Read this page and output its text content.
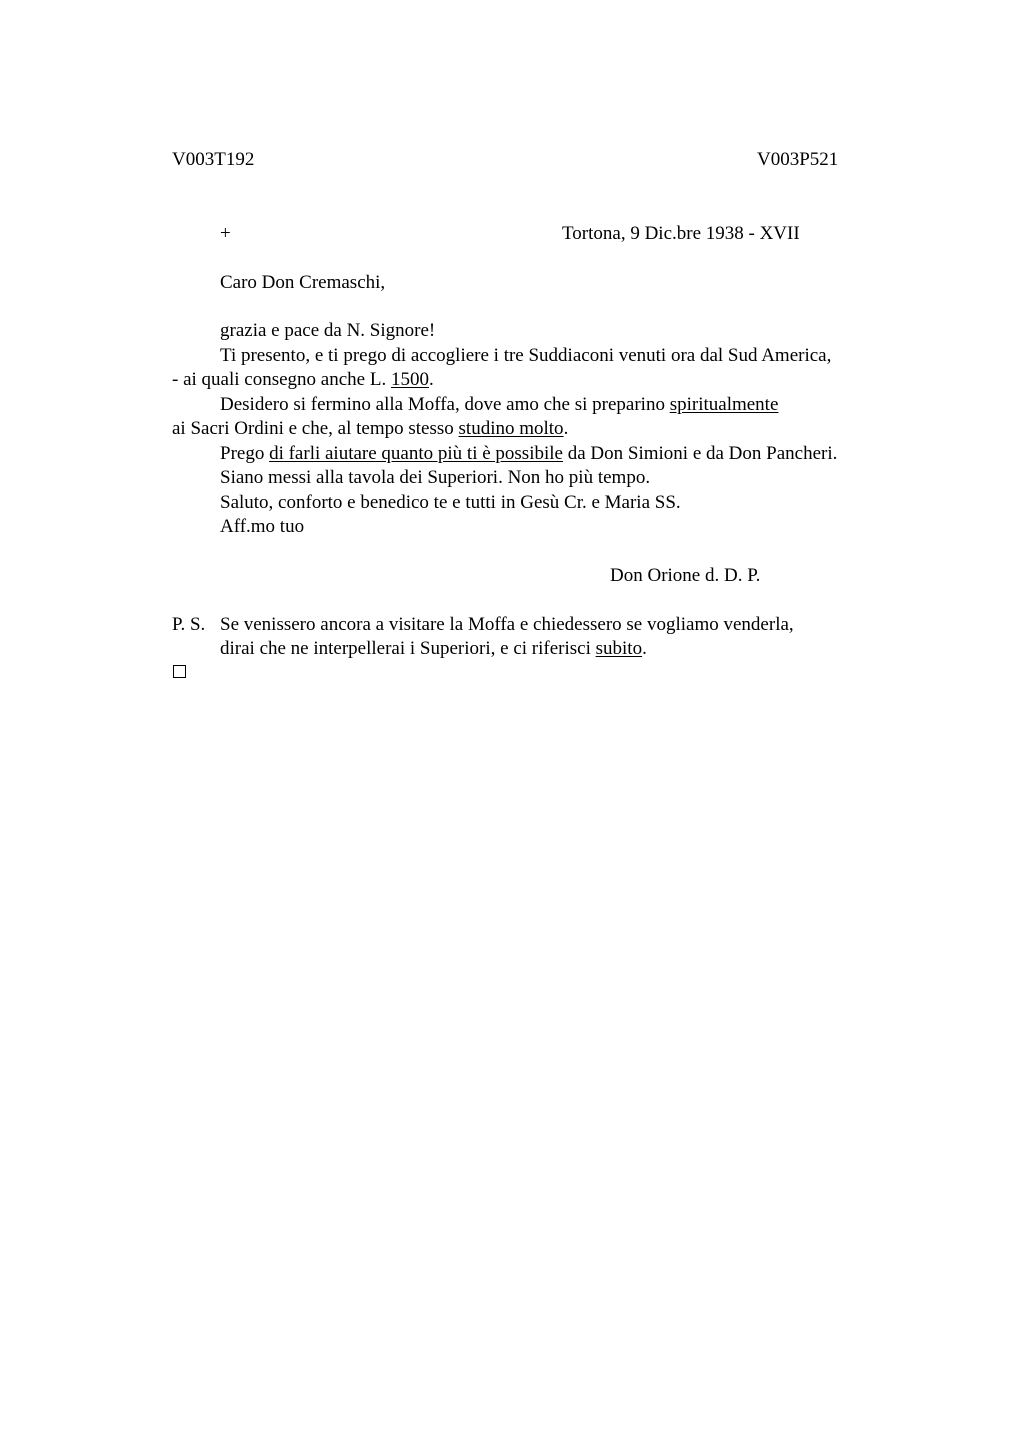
V003T192	V003P521
+	Tortona, 9 Dic.bre 1938 - XVII
Caro Don Cremaschi,
grazia e pace da N. Signore!
Ti presento, e ti prego di accogliere i tre Suddiaconi venuti ora dal Sud America,
- ai quali consegno anche L. 1500.
Desidero si fermino alla Moffa, dove amo che si preparino spiritualmente
ai Sacri Ordini e che, al tempo stesso studino molto.
Prego di farli aiutare quanto più ti è possibile da Don Simioni e da Don Pancheri.
Siano messi alla tavola dei Superiori. Non ho più tempo.
Saluto, conforto e benedico te e tutti in Gesù Cr. e Maria SS.
Aff.mo tuo
Don Orione d. D. P.
P. S. Se venissero ancora a visitare la Moffa e chiedessero se vogliamo venderla,
dirai che ne interpellerai i Superiori, e ci riferisci subito.
